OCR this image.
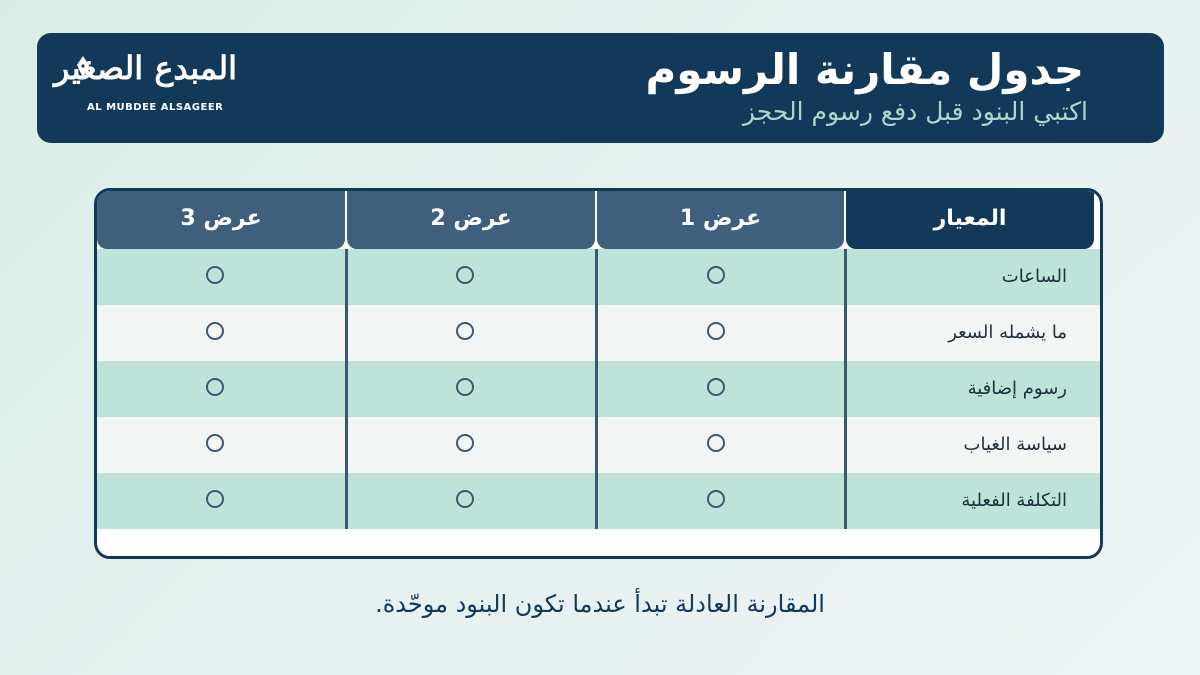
جدول مقارنة الرسوم
اكتبي البنود قبل دفع رسوم الحجز
المبدع الصغير
AL MUBDEE ALSAGEER
المعيار
عرض 1
عرض 2
عرض 3
الساعات
ما يشمله السعر
رسوم إضافية
سياسة الغياب
التكلفة الفعلية
المقارنة العادلة تبدأ عندما تكون البنود موحّدة.
